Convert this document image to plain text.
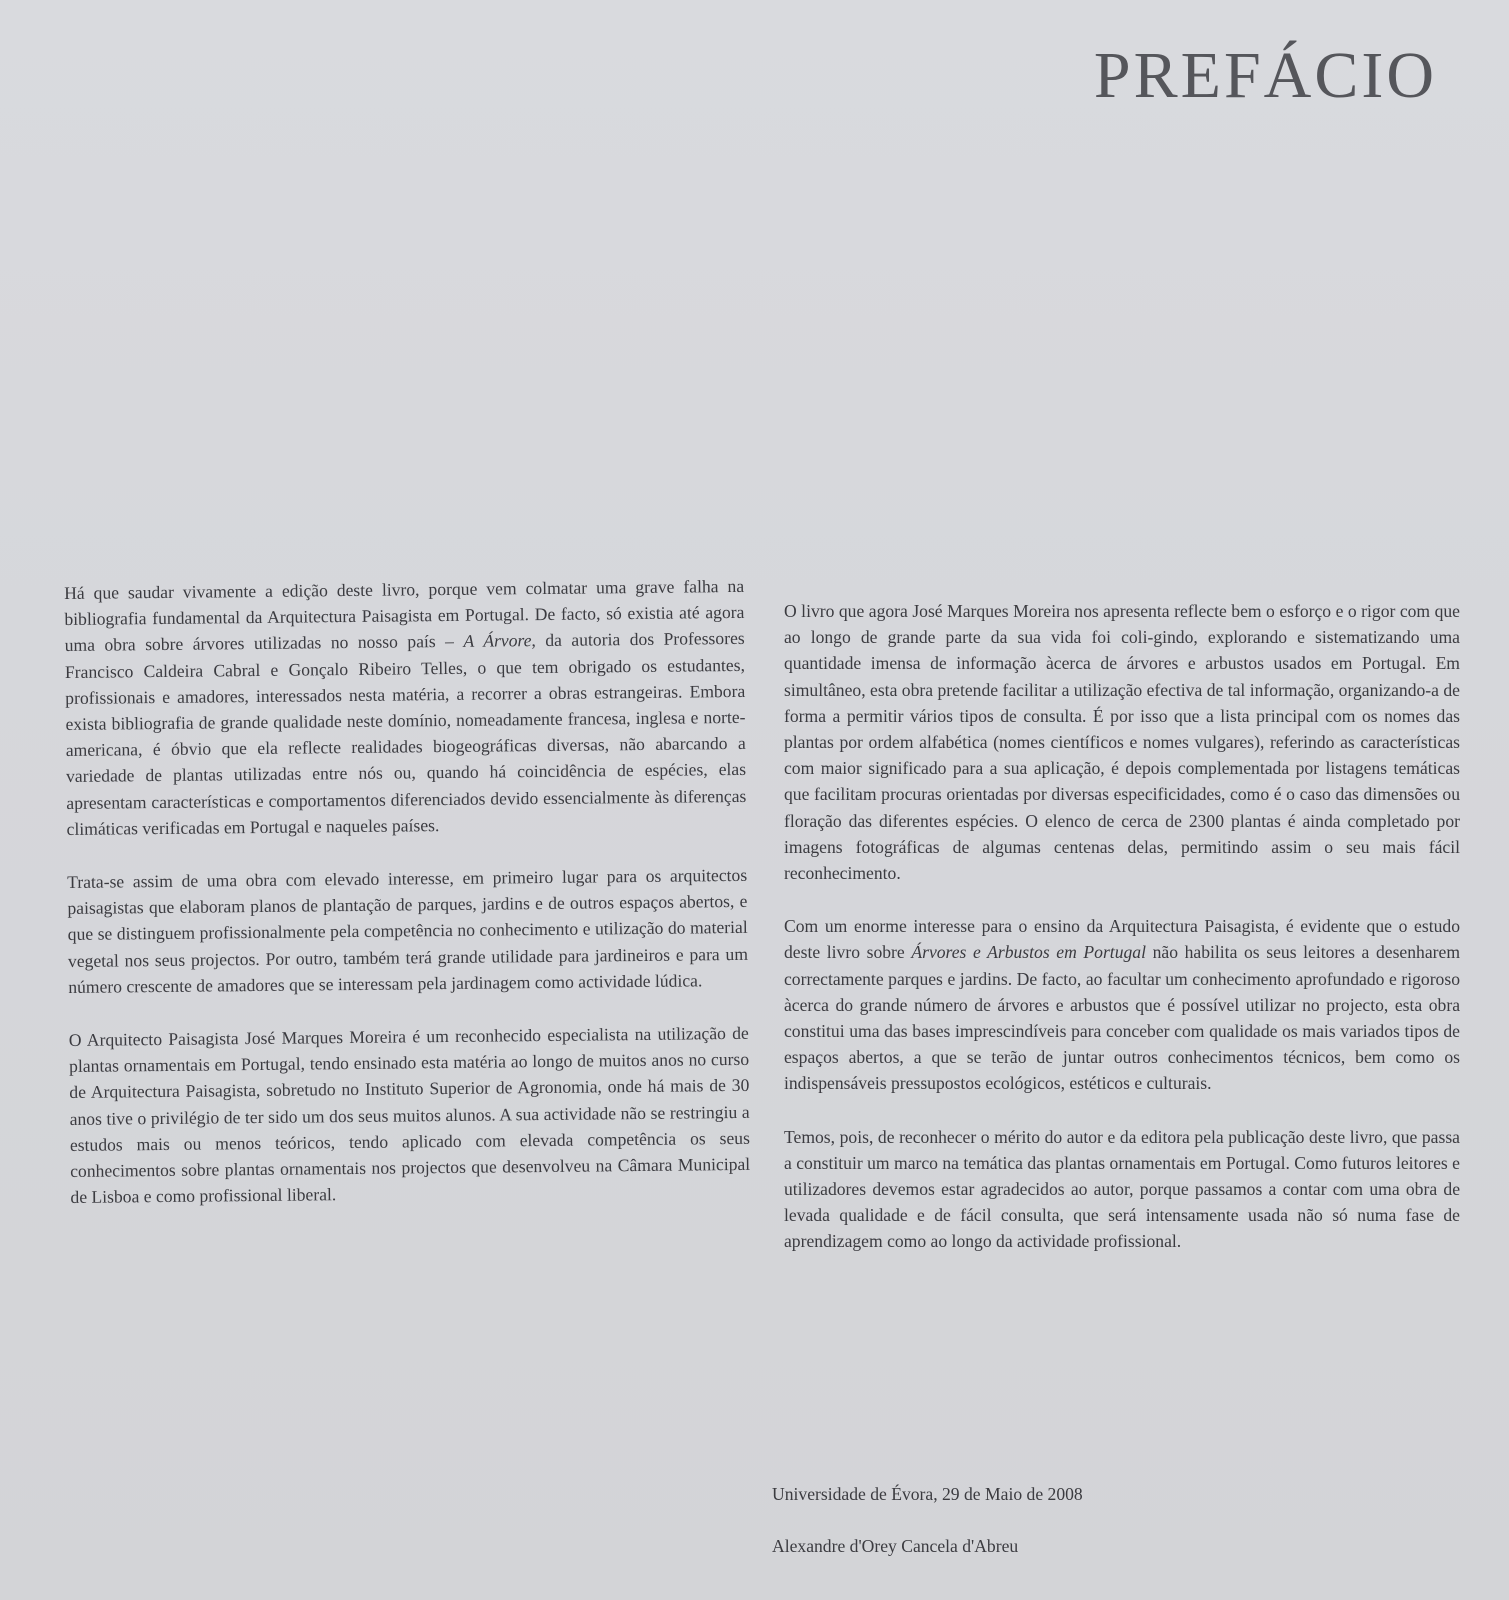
PREFÁCIO

Há que saudar vivamente a edição deste livro, porque vem colmatar uma grave falha na bibliografia fundamental da Arquitectura Paisagista em Portugal. De facto, só existia até agora uma obra sobre árvores utilizadas no nosso país – A Árvore, da autoria dos Professores Francisco Caldeira Cabral e Gonçalo Ribeiro Telles, o que tem obrigado os estudantes, profissionais e amadores, interessados nesta matéria, a recorrer a obras estrangeiras. Embora exista bibliografia de grande qualidade neste domínio, nomeadamente francesa, inglesa e norte-americana, é óbvio que ela reflecte realidades biogeográficas diversas, não abarcando a variedade de plantas utilizadas entre nós ou, quando há coincidência de espécies, elas apresentam características e comportamentos diferenciados devido essencialmente às diferenças climáticas verificadas em Portugal e naqueles países.

Trata-se assim de uma obra com elevado interesse, em primeiro lugar para os arquitectos paisagistas que elaboram planos de plantação de parques, jardins e de outros espaços abertos, e que se distinguem profissionalmente pela competência no conhecimento e utilização do material vegetal nos seus projectos. Por outro, também terá grande utilidade para jardineiros e para um número crescente de amadores que se interessam pela jardinagem como actividade lúdica.

O Arquitecto Paisagista José Marques Moreira é um reconhecido especialista na utilização de plantas ornamentais em Portugal, tendo ensinado esta matéria ao longo de muitos anos no curso de Arquitectura Paisagista, sobretudo no Instituto Superior de Agronomia, onde há mais de 30 anos tive o privilégio de ter sido um dos seus muitos alunos. A sua actividade não se restringiu a estudos mais ou menos teóricos, tendo aplicado com elevada competência os seus conhecimentos sobre plantas ornamentais nos projectos que desenvolveu na Câmara Municipal de Lisboa e como profissional liberal.

O livro que agora José Marques Moreira nos apresenta reflecte bem o esforço e o rigor com que ao longo de grande parte da sua vida foi coli-gindo, explorando e sistematizando uma quantidade imensa de informação àcerca de árvores e arbustos usados em Portugal. Em simultâneo, esta obra pretende facilitar a utilização efectiva de tal informação, organizando-a de forma a permitir vários tipos de consulta. É por isso que a lista principal com os nomes das plantas por ordem alfabética (nomes científicos e nomes vulgares), referindo as características com maior significado para a sua aplicação, é depois complementada por listagens temáticas que facilitam procuras orientadas por diversas especificidades, como é o caso das dimensões ou floração das diferentes espécies. O elenco de cerca de 2300 plantas é ainda completado por imagens fotográficas de algumas centenas delas, permitindo assim o seu mais fácil reconhecimento.

Com um enorme interesse para o ensino da Arquitectura Paisagista, é evidente que o estudo deste livro sobre Árvores e Arbustos em Portugal não habilita os seus leitores a desenharem correctamente parques e jardins. De facto, ao facultar um conhecimento aprofundado e rigoroso àcerca do grande número de árvores e arbustos que é possível utilizar no projecto, esta obra constitui uma das bases imprescindíveis para conceber com qualidade os mais variados tipos de espaços abertos, a que se terão de juntar outros conhecimentos técnicos, bem como os indispensáveis pressupostos ecológicos, estéticos e culturais.

Temos, pois, de reconhecer o mérito do autor e da editora pela publicação deste livro, que passa a constituir um marco na temática das plantas ornamentais em Portugal. Como futuros leitores e utilizadores devemos estar agradecidos ao autor, porque passamos a contar com uma obra de levada qualidade e de fácil consulta, que será intensamente usada não só numa fase de aprendizagem como ao longo da actividade profissional.

Universidade de Évora, 29 de Maio de 2008

Alexandre d'Orey Cancela d'Abreu
